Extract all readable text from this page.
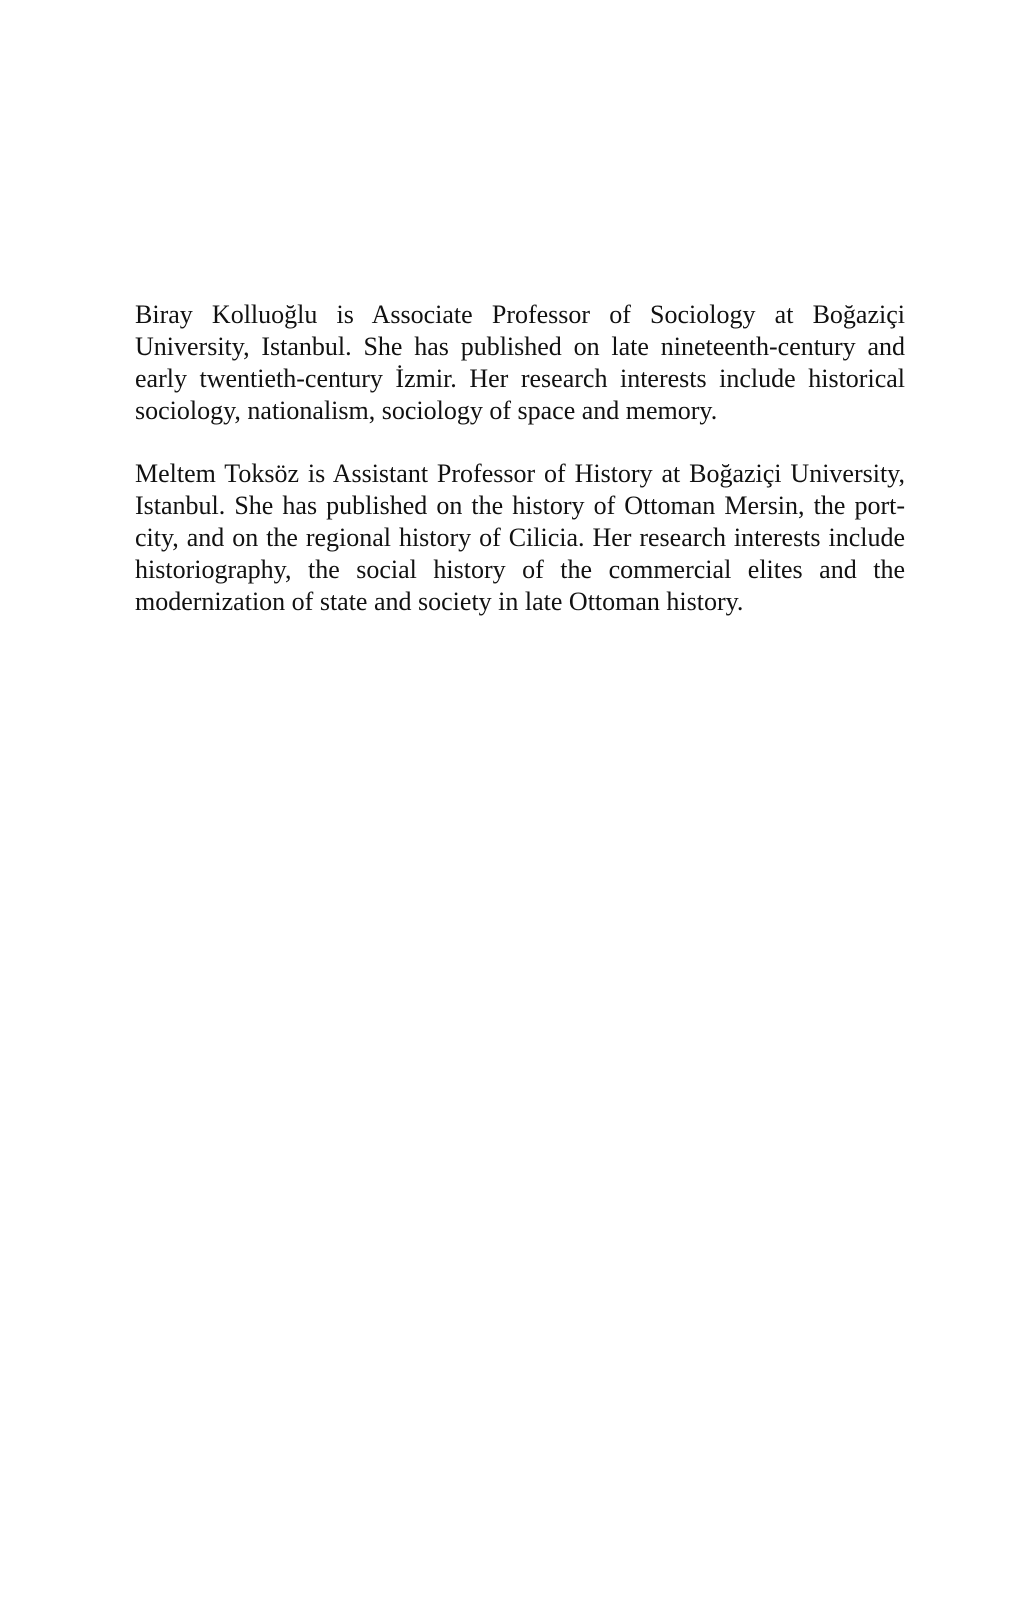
Biray Kolluoğlu is Associate Professor of Sociology at Boğaziçi University, Istanbul. She has published on late nineteenth-century and early twentieth-century İzmir. Her research interests include historical sociology, nationalism, sociology of space and memory.

Meltem Toksöz is Assistant Professor of History at Boğaziçi University, Istanbul. She has published on the history of Ottoman Mersin, the port-city, and on the regional history of Cilicia. Her research interests include historiography, the social history of the commercial elites and the modernization of state and society in late Ottoman history.
